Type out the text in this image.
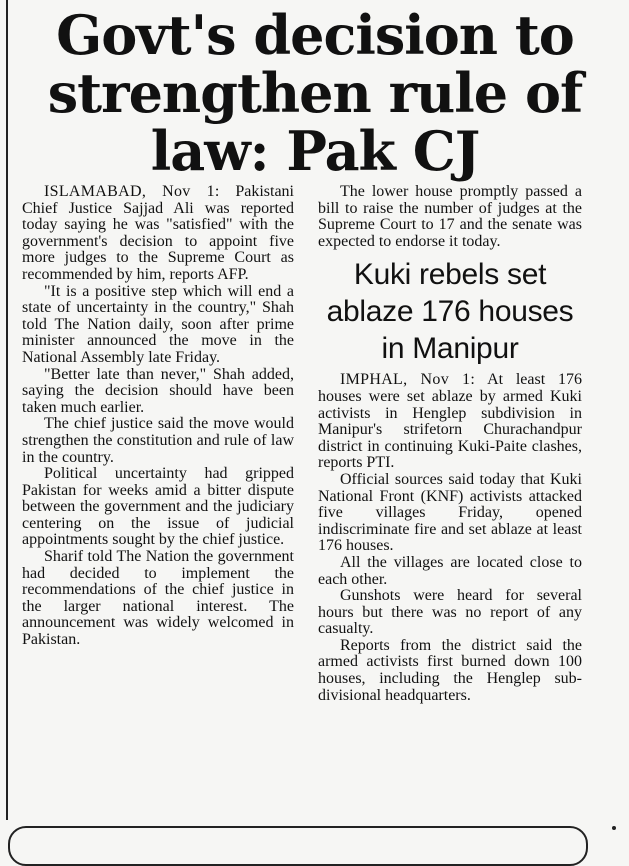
Govt's decision to strengthen rule of law: Pak CJ

ISLAMABAD, Nov 1: Pakistani Chief Justice Sajjad Ali was reported today saying he was "satisfied" with the government's decision to appoint five more judges to the Supreme Court as recommended by him, reports AFP.

"It is a positive step which will end a state of uncertainty in the country," Shah told The Nation daily, soon after prime minister announced the move in the National Assembly late Friday.

"Better late than never," Shah added, saying the decision should have been taken much earlier.

The chief justice said the move would strengthen the constitution and rule of law in the country.

Political uncertainty had gripped Pakistan for weeks amid a bitter dispute between the government and the judiciary centering on the issue of judicial appointments sought by the chief justice.

Sharif told The Nation the government had decided to implement the recommendations of the chief justice in the larger national interest. The announcement was widely welcomed in Pakistan.

The lower house promptly passed a bill to raise the number of judges at the Supreme Court to 17 and the senate was expected to endorse it today.

Kuki rebels set ablaze 176 houses in Manipur

IMPHAL, Nov 1: At least 176 houses were set ablaze by armed Kuki activists in Henglep subdivision in Manipur's strifetorn Churachandpur district in continuing Kuki-Paite clashes, reports PTI.

Official sources said today that Kuki National Front (KNF) activists attacked five villages Friday, opened indiscriminate fire and set ablaze at least 176 houses.

All the villages are located close to each other.

Gunshots were heard for several hours but there was no report of any casualty.

Reports from the district said the armed activists first burned down 100 houses, including the Henglep sub-divisional headquarters.
